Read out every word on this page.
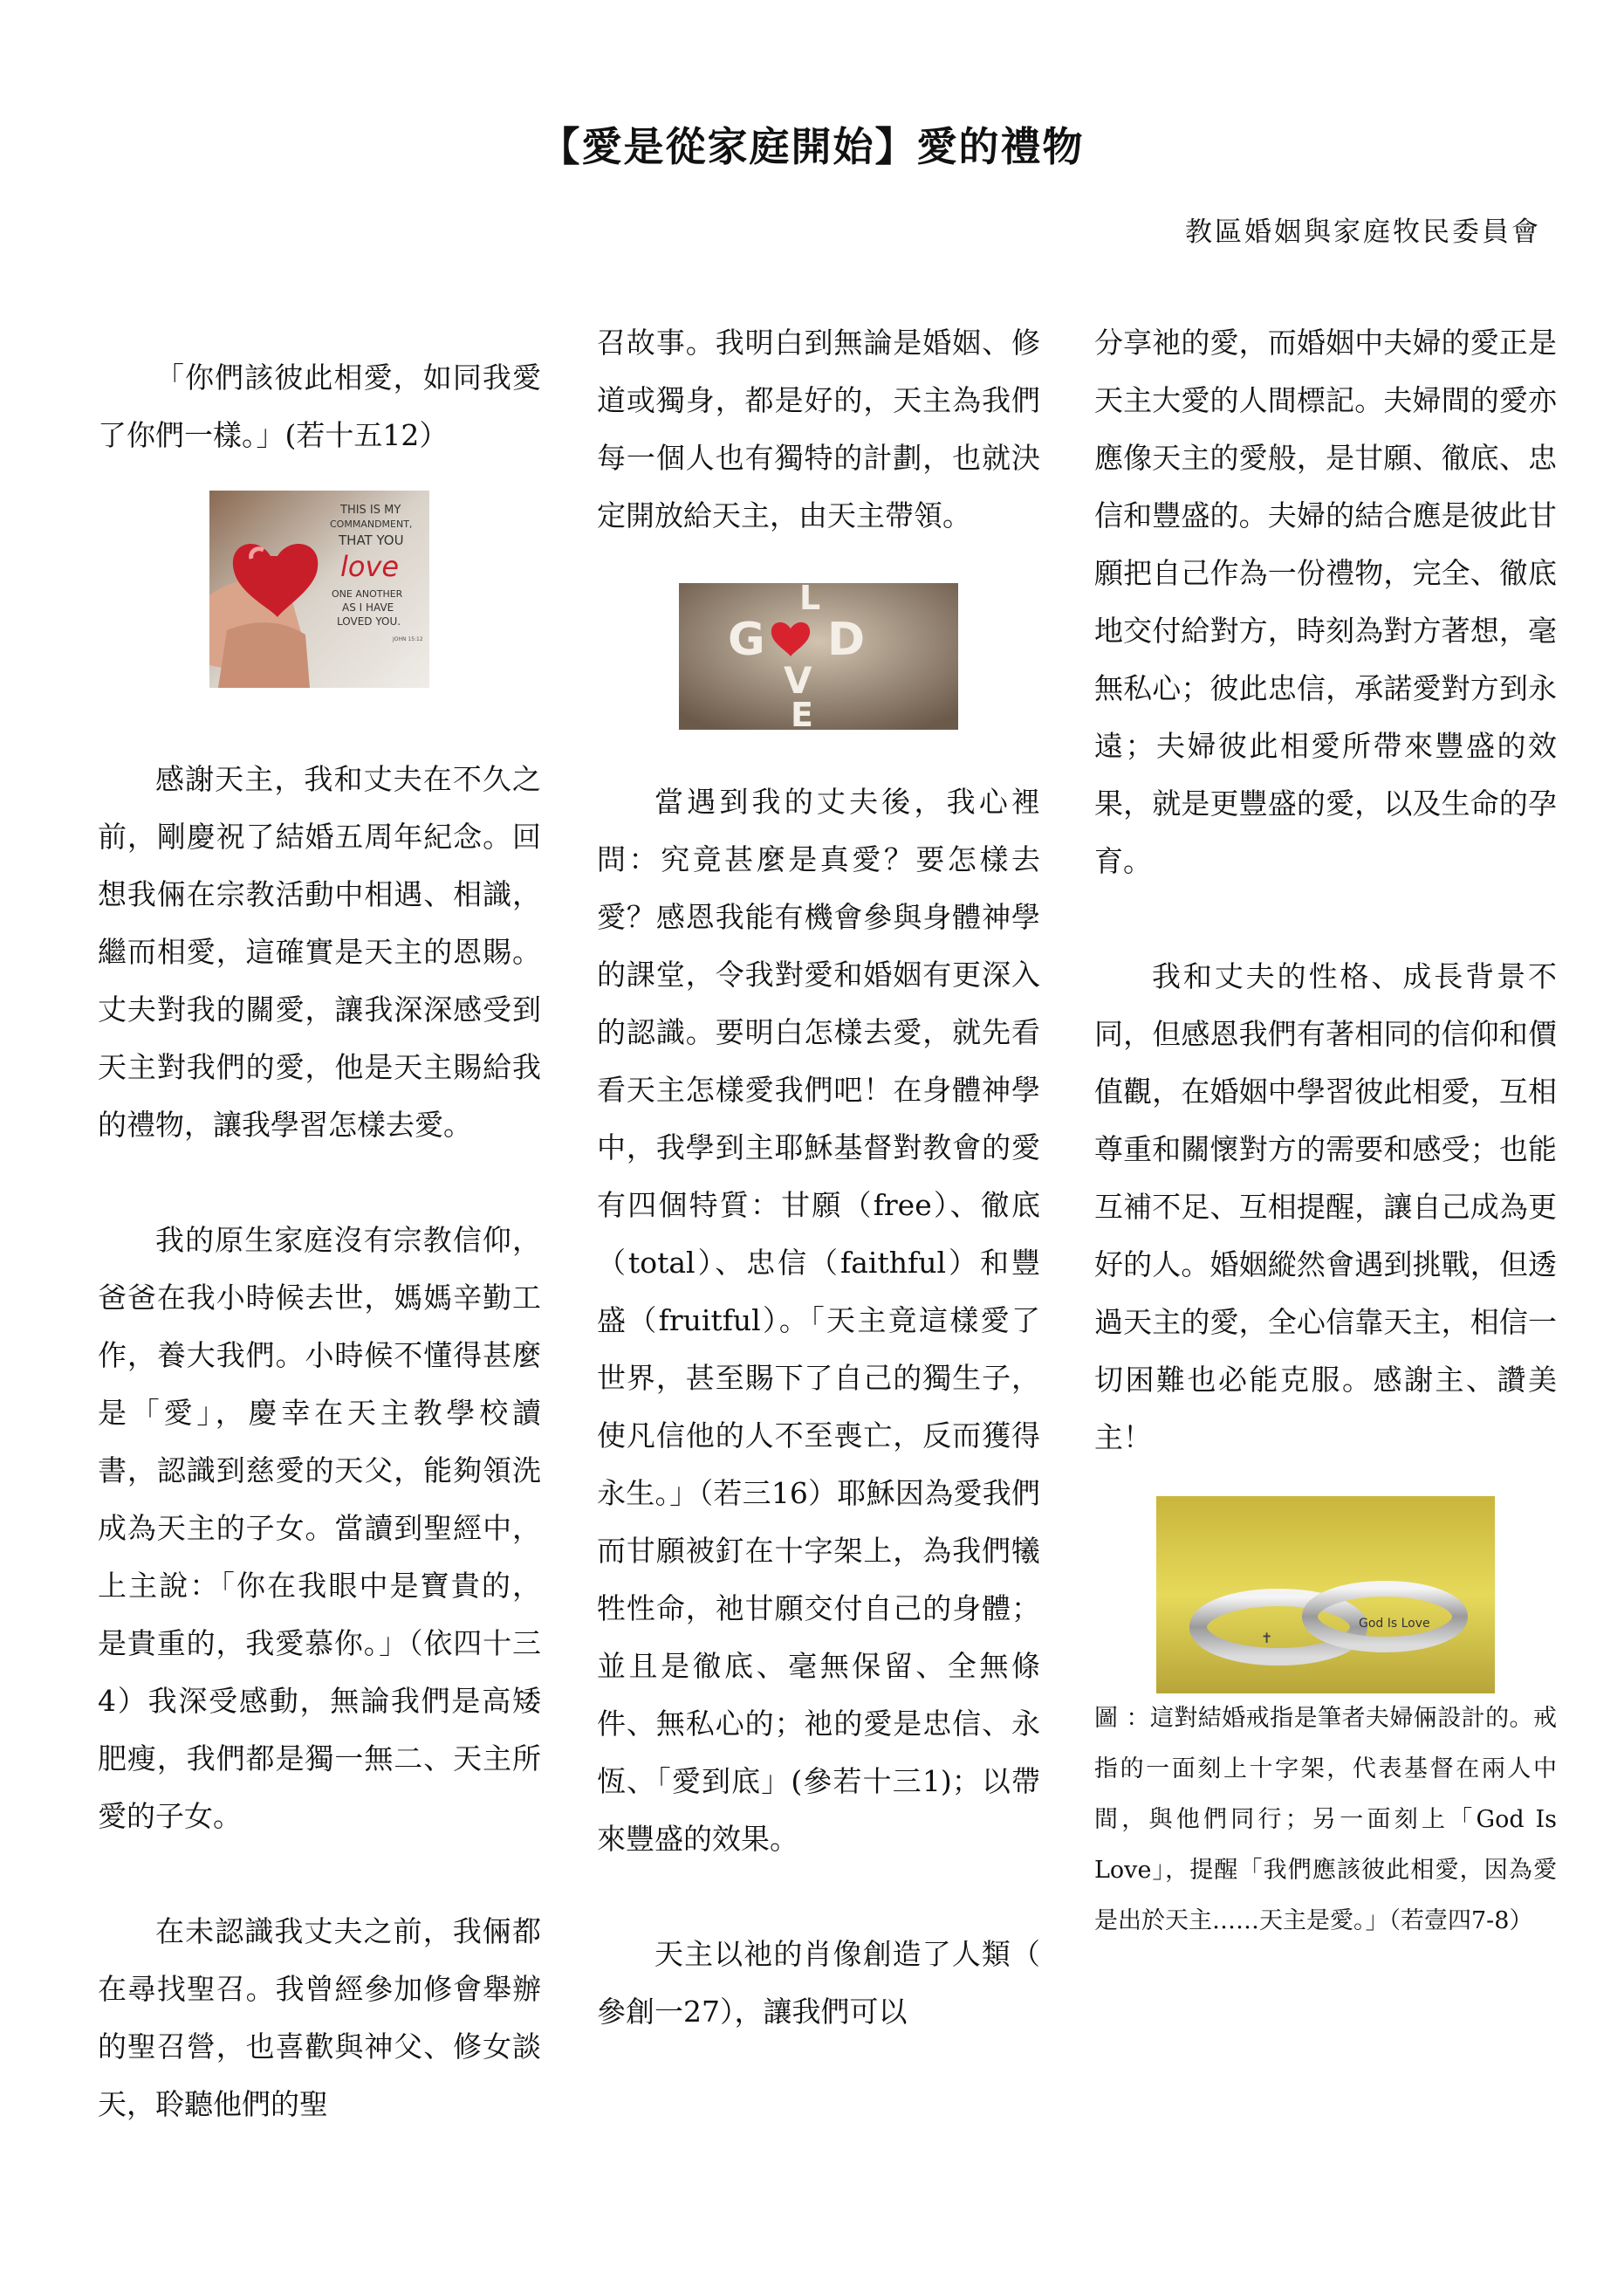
【愛是從家庭開始】愛的禮物
教區婚姻與家庭牧民委員會

「你們該彼此相愛，如同我愛了你們一樣。」(若十五12）

THIS IS MY
COMMANDMENT,
THAT YOU
love
ONE ANOTHER
AS I HAVE
LOVED YOU.
JOHN 15:12

感謝天主，我和丈夫在不久之前，剛慶祝了結婚五周年紀念。回想我倆在宗教活動中相遇、相識，繼而相愛，這確實是天主的恩賜。丈夫對我的關愛，讓我深深感受到天主對我們的愛，他是天主賜給我的禮物，讓我學習怎樣去愛。

我的原生家庭沒有宗教信仰，爸爸在我小時候去世，媽媽辛勤工作，養大我們。小時候不懂得甚麼是「愛」，慶幸在天主教學校讀書，認識到慈愛的天父，能夠領洗成為天主的子女。當讀到聖經中，上主說：「你在我眼中是寶貴的，是貴重的，我愛慕你。」（依四十三4）我深受感動，無論我們是高矮肥瘦，我們都是獨一無二、天主所愛的子女。

在未認識我丈夫之前，我倆都在尋找聖召。我曾經參加修會舉辦的聖召營，也喜歡與神父、修女談天，聆聽他們的聖

召故事。我明白到無論是婚姻、修道或獨身，都是好的，天主為我們每一個人也有獨特的計劃，也就決定開放給天主，由天主帶領。

L
G D
V
E

當遇到我的丈夫後，我心裡問：究竟甚麼是真愛？要怎樣去愛？感恩我能有機會參與身體神學的課堂，令我對愛和婚姻有更深入的認識。要明白怎樣去愛，就先看看天主怎樣愛我們吧！在身體神學中，我學到主耶穌基督對教會的愛有四個特質：甘願（free）、徹底（total）、忠信（faithful）和豐盛（fruitful）。「天主竟這樣愛了世界，甚至賜下了自己的獨生子，使凡信他的人不至喪亡，反而獲得永生。」（若三16）耶穌因為愛我們而甘願被釘在十字架上，為我們犧牲性命，祂甘願交付自己的身體；並且是徹底、毫無保留、全無條件、無私心的；祂的愛是忠信、永恆、「愛到底」(參若十三1)；以帶來豐盛的效果。

天主以祂的肖像創造了人類（ 參創一27），讓我們可以

分享祂的愛，而婚姻中夫婦的愛正是天主大愛的人間標記。夫婦間的愛亦應像天主的愛般，是甘願、徹底、忠信和豐盛的。夫婦的結合應是彼此甘願把自己作為一份禮物，完全、徹底地交付給對方，時刻為對方著想，毫無私心；彼此忠信，承諾愛對方到永遠；夫婦彼此相愛所帶來豐盛的效果，就是更豐盛的愛，以及生命的孕育。

我和丈夫的性格、成長背景不同，但感恩我們有著相同的信仰和價值觀，在婚姻中學習彼此相愛，互相尊重和關懷對方的需要和感受；也能互補不足、互相提醒，讓自己成為更好的人。婚姻縱然會遇到挑戰，但透過天主的愛，全心信靠天主，相信一切困難也必能克服。感謝主、讚美主！

God Is Love
✝

圖 ：這對結婚戒指是筆者夫婦倆設計的。戒指的一面刻上十字架，代表基督在兩人中間，與他們同行；另一面刻上「God Is Love」，提醒「我們應該彼此相愛，因為愛是出於天主……天主是愛。」（若壹四7-8）
